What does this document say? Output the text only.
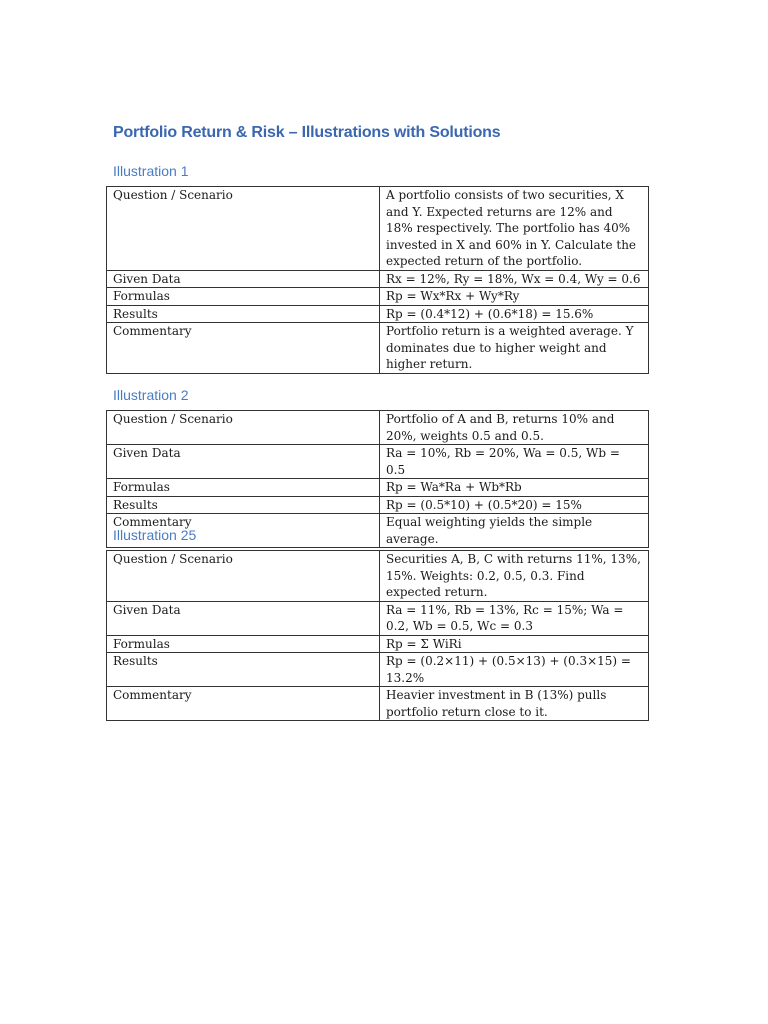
Portfolio Return & Risk – Illustrations with Solutions
Illustration 1
Question / Scenario	A portfolio consists of two securities, X and Y. Expected returns are 12% and 18% respectively. The portfolio has 40% invested in X and 60% in Y. Calculate the expected return of the portfolio.
Given Data	Rx = 12%, Ry = 18%, Wx = 0.4, Wy = 0.6
Formulas	Rp = Wx*Rx + Wy*Ry
Results	Rp = (0.4*12) + (0.6*18) = 15.6%
Commentary	Portfolio return is a weighted average. Y dominates due to higher weight and higher return.
Illustration 2
Question / Scenario	Portfolio of A and B, returns 10% and 20%, weights 0.5 and 0.5.
Given Data	Ra = 10%, Rb = 20%, Wa = 0.5, Wb = 0.5
Formulas	Rp = Wa*Ra + Wb*Rb
Results	Rp = (0.5*10) + (0.5*20) = 15%
Commentary	Equal weighting yields the simple average.
Illustration 25
Question / Scenario	Securities A, B, C with returns 11%, 13%, 15%. Weights: 0.2, 0.5, 0.3. Find expected return.
Given Data	Ra = 11%, Rb = 13%, Rc = 15%; Wa = 0.2, Wb = 0.5, Wc = 0.3
Formulas	Rp = Σ WiRi
Results	Rp = (0.2×11) + (0.5×13) + (0.3×15) = 13.2%
Commentary	Heavier investment in B (13%) pulls portfolio return close to it.
